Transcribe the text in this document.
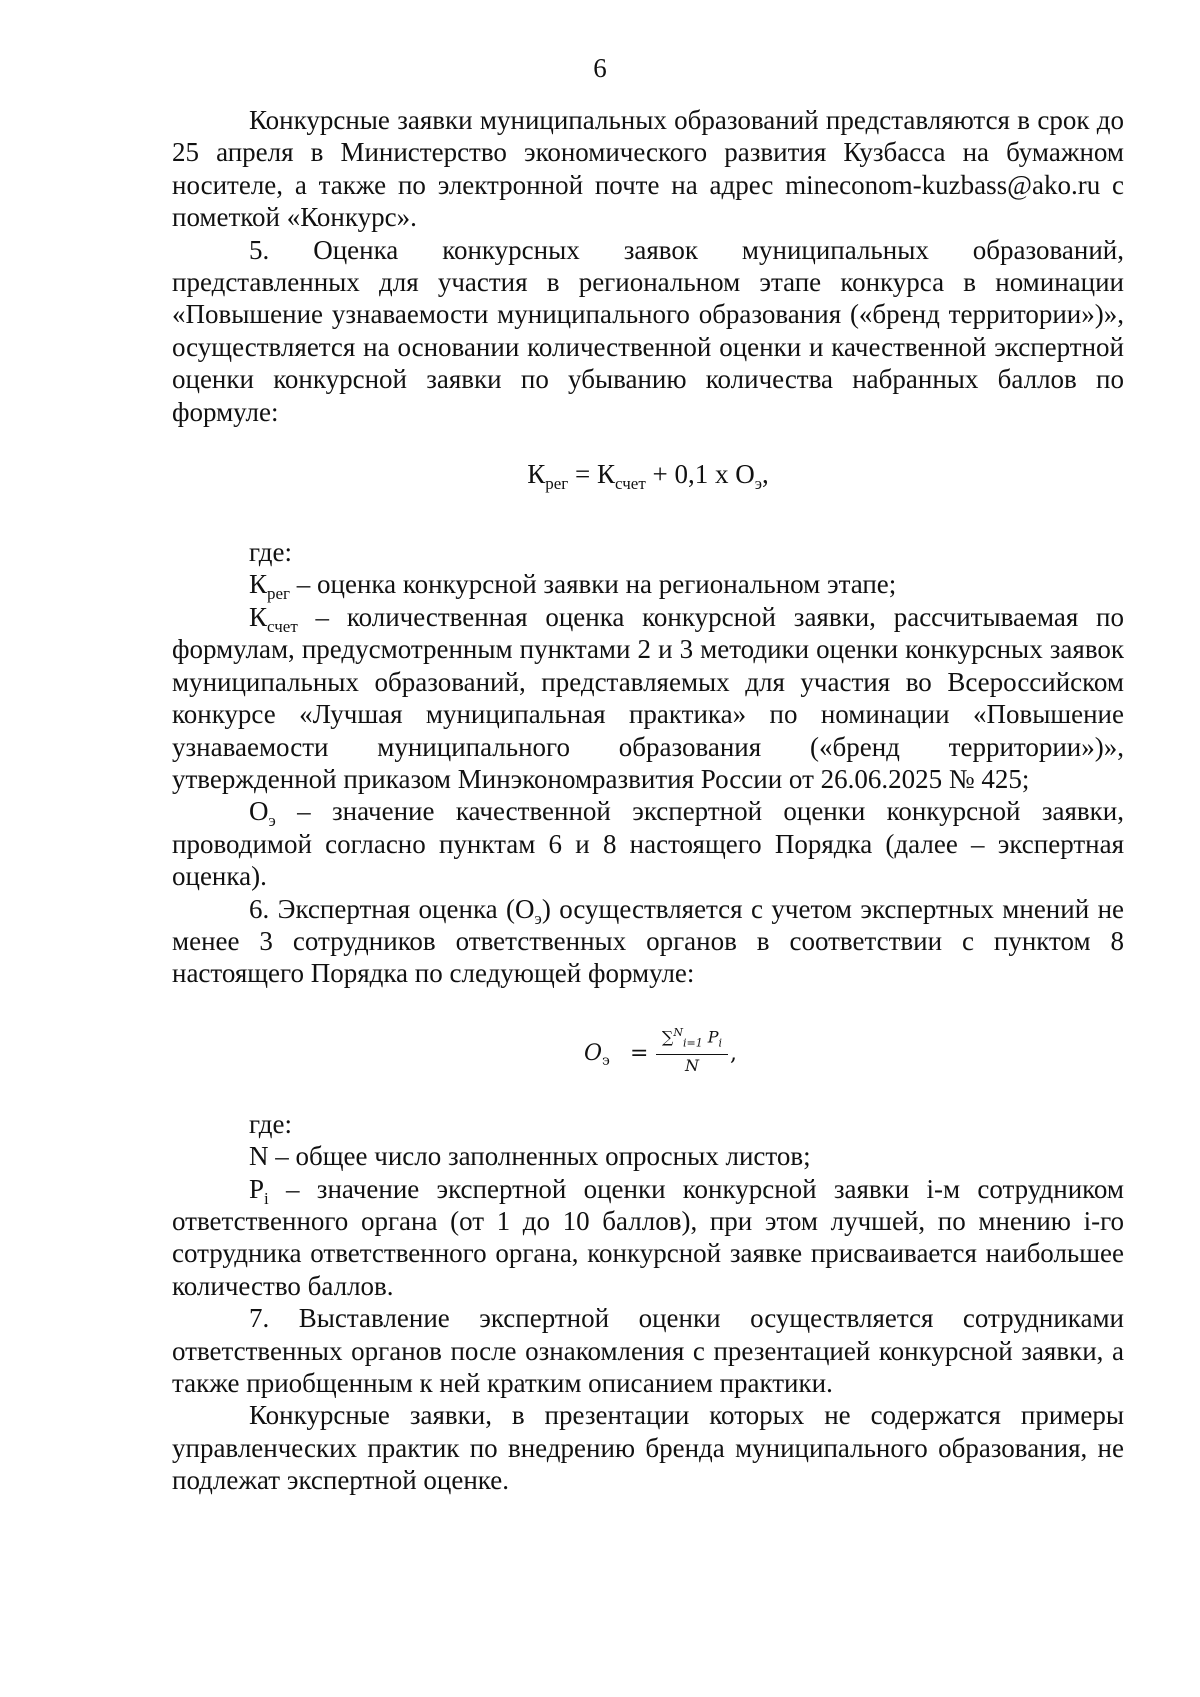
6

Конкурсные заявки муниципальных образований представляются в срок до 25 апреля в Министерство экономического развития Кузбасса на бумажном носителе, а также по электронной почте на адрес mineconom-kuzbass@ako.ru с пометкой «Конкурс».

5. Оценка конкурсных заявок муниципальных образований, представленных для участия в региональном этапе конкурса в номинации «Повышение узнаваемости муниципального образования («бренд территории»)», осуществляется на основании количественной оценки и качественной экспертной оценки конкурсной заявки по убыванию количества набранных баллов по формуле:

$К_{рег} = К_{счет} + 0,1$ x $О_э$,

где:

$К_{рег}$ – оценка конкурсной заявки на региональном этапе;

$К_{счет}$ – количественная оценка конкурсной заявки, рассчитываемая по формулам, предусмотренным пунктами 2 и 3 методики оценки конкурсных заявок муниципальных образований, представляемых для участия во Всероссийском конкурсе «Лучшая муниципальная практика» по номинации «Повышение узнаваемости муниципального образования («бренд территории»)», утвержденной приказом Минэкономразвития России от 26.06.2025 № 425;

$О_э$ – значение качественной экспертной оценки конкурсной заявки, проводимой согласно пунктам 6 и 8 настоящего Порядка (далее – экспертная оценка).

6. Экспертная оценка $(О_э)$ осуществляется с учетом экспертных мнений не менее 3 сотрудников ответственных органов в соответствии с пунктом 8 настоящего Порядка по следующей формуле:

$O_э = \frac{\sum^N_{i=1} P_i}{N}$ ,

где:

N – общее число заполненных опросных листов;

$P_i$ – значение экспертной оценки конкурсной заявки i-м сотрудником ответственного органа (от 1 до 10 баллов), при этом лучшей, по мнению i-го сотрудника ответственного органа, конкурсной заявке присваивается наибольшее количество баллов.

7. Выставление экспертной оценки осуществляется сотрудниками ответственных органов после ознакомления с презентацией конкурсной заявки, а также приобщенным к ней кратким описанием практики.

Конкурсные заявки, в презентации которых не содержатся примеры управленческих практик по внедрению бренда муниципального образования, не подлежат экспертной оценке.
